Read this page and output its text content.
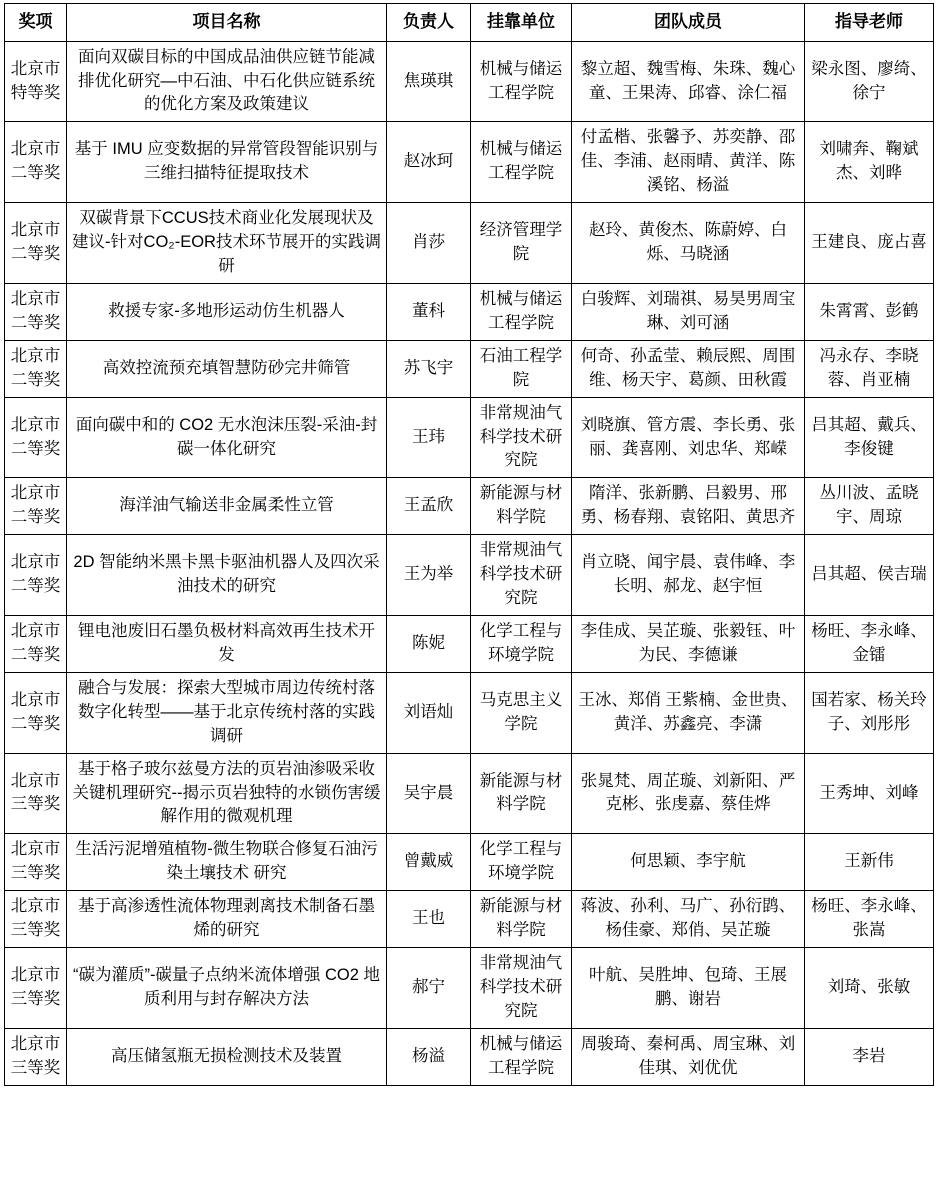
奖项	项目名称	负责人	挂靠单位	团队成员	指导老师
北京市
特等奖	面向双碳目标的中国成品油供应链节能减排优化研究—中石油、中石化供应链系统的优化方案及政策建议	焦瑛琪	机械与储运工程学院	黎立超、魏雪梅、朱珠、魏心童、王果涛、邱睿、涂仁福	梁永图、廖绮、徐宁
北京市
二等奖	基于 IMU 应变数据的异常管段智能识别与三维扫描特征提取技术	赵冰珂	机械与储运工程学院	付孟楷、张馨予、苏奕静、邵佳、李浦、赵雨晴、黄洋、陈溪铭、杨溢	刘啸奔、鞠斌杰、刘晔
北京市
二等奖	双碳背景下CCUS技术商业化发展现状及建议-针对CO₂-EOR技术环节展开的实践调研	肖莎	经济管理学院	赵玲、黄俊杰、陈蔚婷、白烁、马晓涵	王建良、庞占喜
北京市
二等奖	救援专家-多地形运动仿生机器人	董科	机械与储运工程学院	白骏辉、刘瑞祺、易昊男周宝琳、刘可涵	朱霄霄、彭鹤
北京市
二等奖	高效控流预充填智慧防砂完井筛管	苏飞宇	石油工程学院	何奇、孙孟莹、赖辰熙、周围维、杨天宇、葛颜、田秋霞	冯永存、李晓蓉、肖亚楠
北京市
二等奖	面向碳中和的 CO2 无水泡沫压裂-采油-封碳一体化研究	王玮	非常规油气科学技术研究院	刘晓旗、管方震、李长勇、张丽、龚喜刚、刘忠华、郑嵘	吕其超、戴兵、李俊键
北京市
二等奖	海洋油气输送非金属柔性立管	王孟欣	新能源与材料学院	隋洋、张新鹏、吕毅男、邢勇、杨春翔、袁铭阳、黄思齐	丛川波、孟晓宇、周琼
北京市
二等奖	2D 智能纳米黑卡黑卡驱油机器人及四次采油技术的研究	王为举	非常规油气科学技术研究院	肖立晓、闻宇晨、袁伟峰、李长明、郝龙、赵宇恒	吕其超、侯吉瑞
北京市
二等奖	锂电池废旧石墨负极材料高效再生技术开发	陈妮	化学工程与环境学院	李佳成、吴芷璇、张毅钰、叶为民、李德谦	杨旺、李永峰、金镭
北京市
二等奖	融合与发展：探索大型城市周边传统村落数字化转型——基于北京传统村落的实践调研	刘语灿	马克思主义学院	王冰、郑俏 王紫楠、金世贵、黄洋、苏鑫亮、李潇	国若家、杨关玲子、刘彤彤
北京市
三等奖	基于格子玻尔兹曼方法的页岩油渗吸采收关键机理研究--揭示页岩独特的水锁伤害缓解作用的微观机理	吴宇晨	新能源与材料学院	张晁梵、周芷璇、刘新阳、严克彬、张虔嘉、蔡佳烨	王秀坤、刘峰
北京市
三等奖	生活污泥增殖植物-微生物联合修复石油污染土壤技术 研究	曾戴威	化学工程与环境学院	何思颖、李宇航	王新伟
北京市
三等奖	基于高渗透性流体物理剥离技术制备石墨烯的研究	王也	新能源与材料学院	蒋波、孙利、马广、孙衍鹍、杨佳豪、郑俏、吴芷璇	杨旺、李永峰、张嵩
北京市
三等奖	“碳为灌质”-碳量子点纳米流体增强 CO2 地质利用与封存解决方法	郝宁	非常规油气科学技术研究院	叶航、吴胜坤、包琦、王展鹏、谢岩	刘琦、张敏
北京市
三等奖	高压储氢瓶无损检测技术及装置	杨溢	机械与储运工程学院	周骏琦、秦柯禹、周宝琳、刘佳琪、刘优优	李岩
